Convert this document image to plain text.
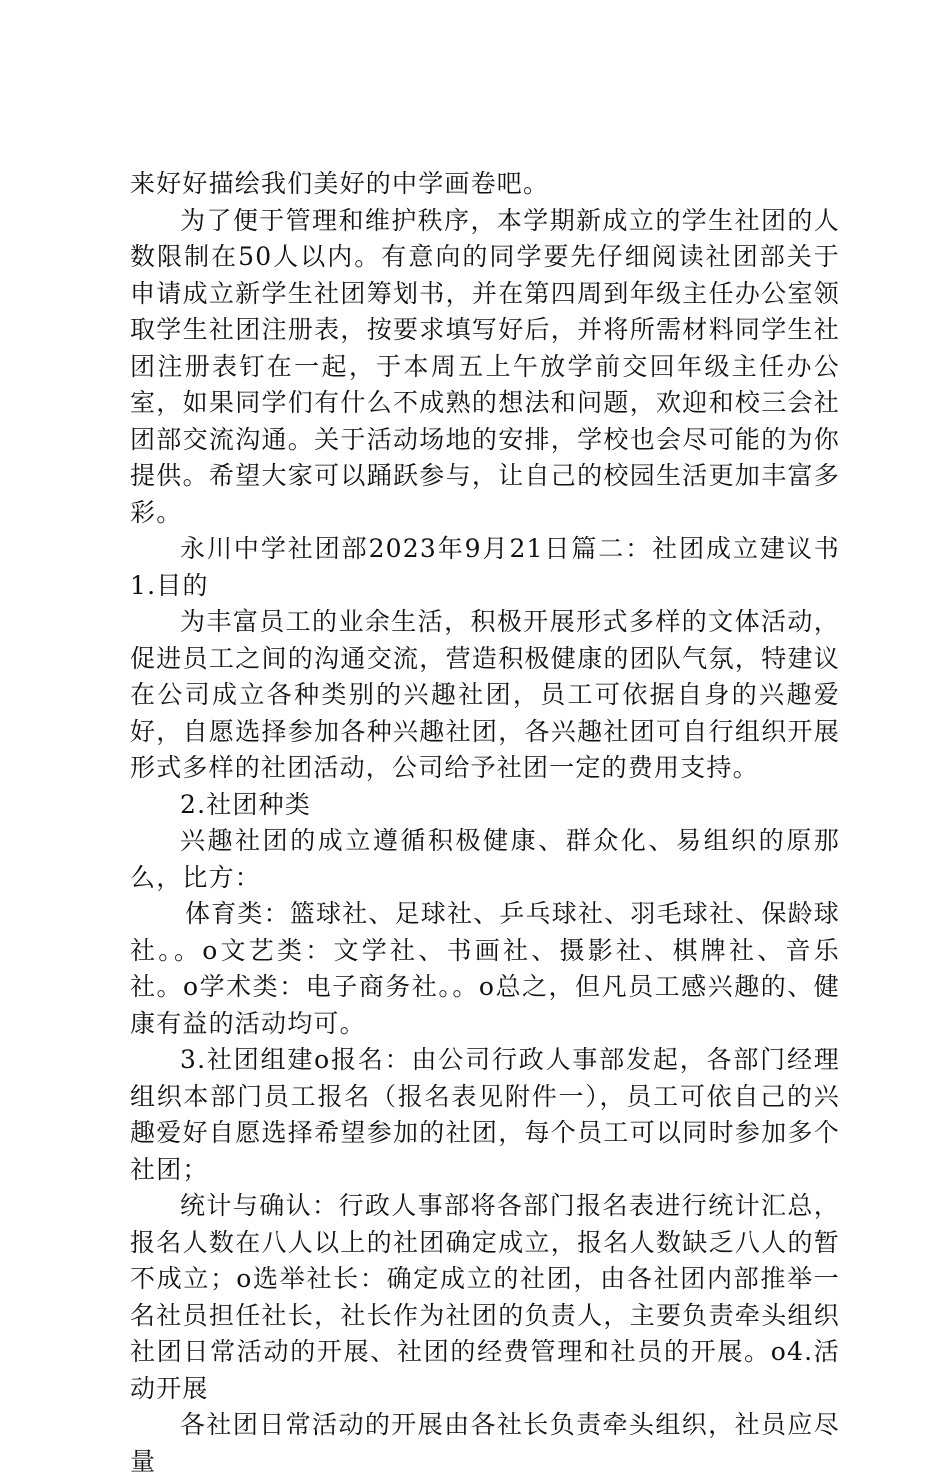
来好好描绘我们美好的中学画卷吧。

为了便于管理和维护秩序，本学期新成立的学生社团的人数限制在50人以内。有意向的同学要先仔细阅读社团部关于申请成立新学生社团筹划书，并在第四周到年级主任办公室领取学生社团注册表，按要求填写好后，并将所需材料同学生社团注册表钉在一起，于本周五上午放学前交回年级主任办公室，如果同学们有什么不成熟的想法和问题，欢迎和校三会社团部交流沟通。关于活动场地的安排，学校也会尽可能的为你提供。希望大家可以踊跃参与，让自己的校园生活更加丰富多彩。

永川中学社团部2023年9月21日篇二：社团成立建议书1.目的

为丰富员工的业余生活，积极开展形式多样的文体活动，促进员工之间的沟通交流，营造积极健康的团队气氛，特建议在公司成立各种类别的兴趣社团，员工可依据自身的兴趣爱好，自愿选择参加各种兴趣社团，各兴趣社团可自行组织开展形式多样的社团活动，公司给予社团一定的费用支持。

2.社团种类

兴趣社团的成立遵循积极健康、群众化、易组织的原那么，比方：

体育类：篮球社、足球社、乒乓球社、羽毛球社、保龄球社。。o文艺类：文学社、书画社、摄影社、棋牌社、音乐社。o学术类：电子商务社。。o总之，但凡员工感兴趣的、健康有益的活动均可。

3.社团组建o报名：由公司行政人事部发起，各部门经理组织本部门员工报名（报名表见附件一），员工可依自己的兴趣爱好自愿选择希望参加的社团，每个员工可以同时参加多个社团；

统计与确认：行政人事部将各部门报名表进行统计汇总，报名人数在八人以上的社团确定成立，报名人数缺乏八人的暂不成立；o选举社长：确定成立的社团，由各社团内部推举一名社员担任社长，社长作为社团的负责人，主要负责牵头组织社团日常活动的开展、社团的经费管理和社员的开展。o4.活动开展

各社团日常活动的开展由各社长负责牵头组织，社员应尽量
